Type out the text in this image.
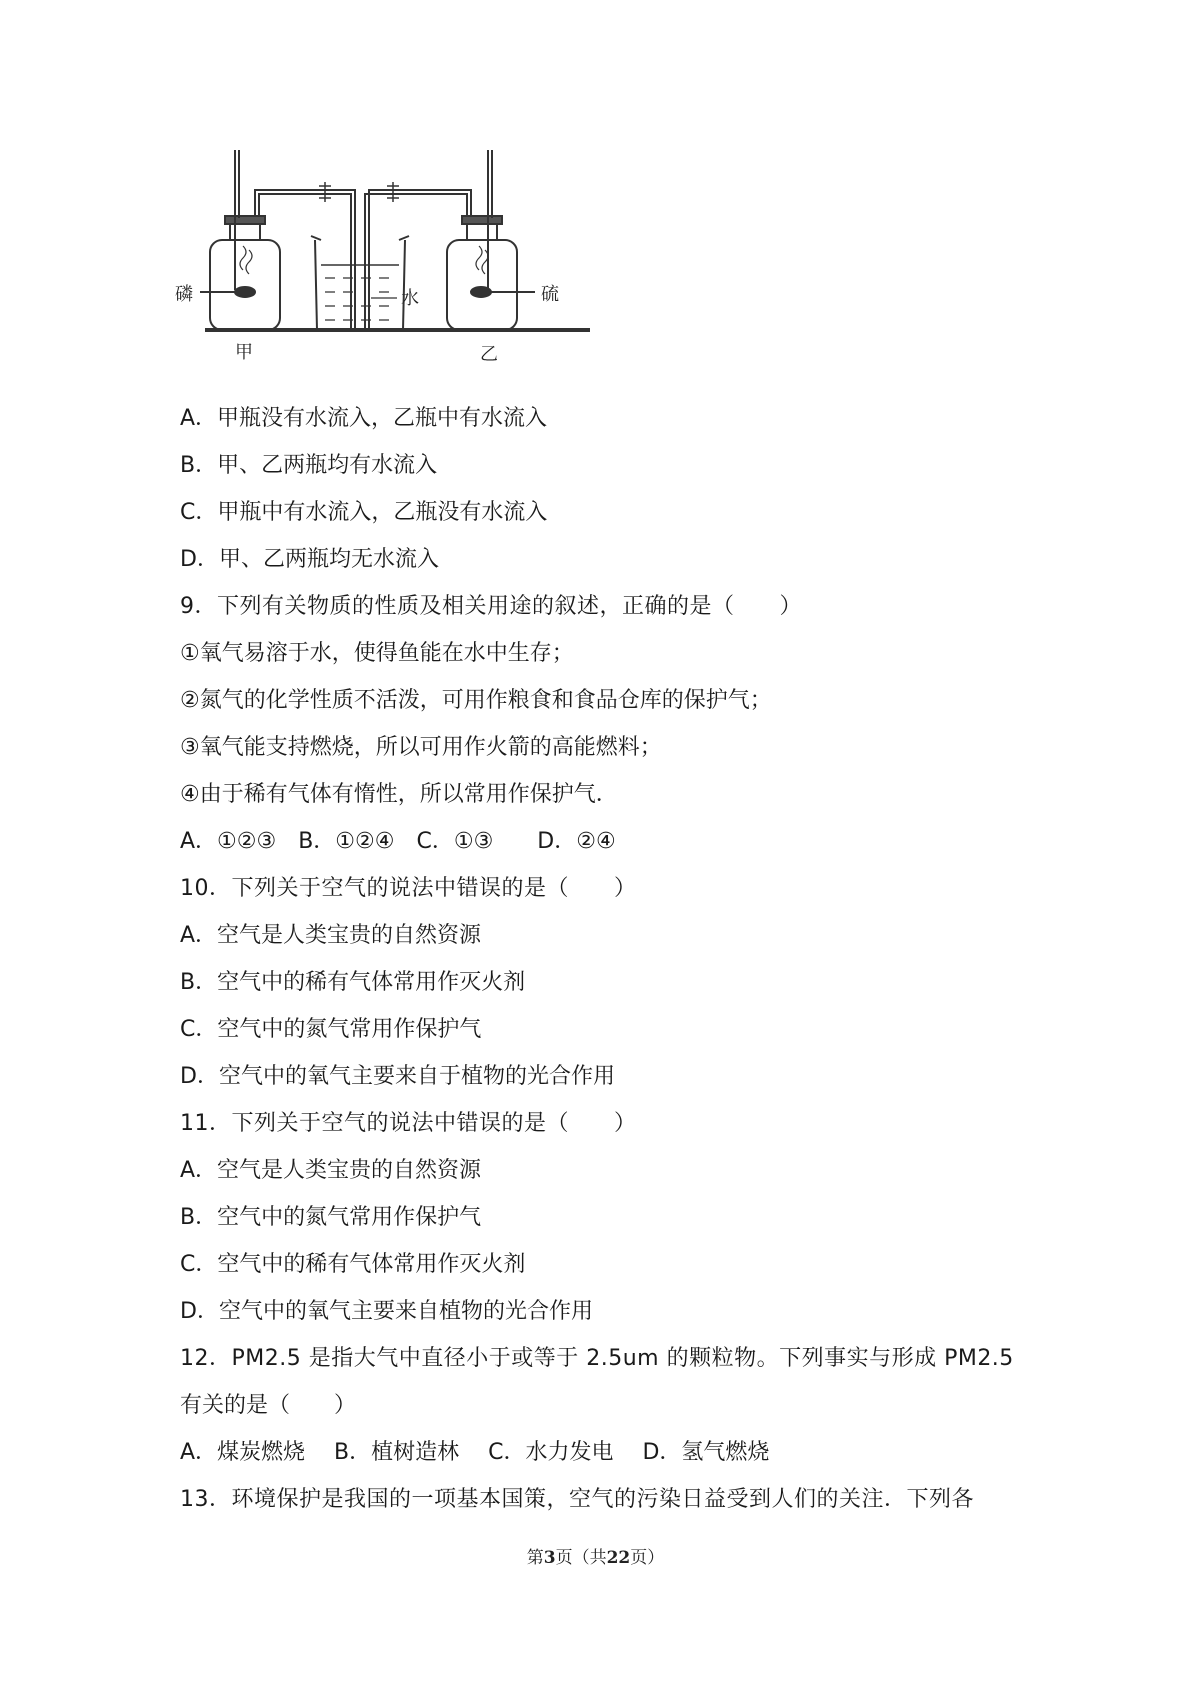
磷	硫
水
甲	乙
A．甲瓶没有水流入，乙瓶中有水流入
B．甲、乙两瓶均有水流入
C．甲瓶中有水流入，乙瓶没有水流入
D．甲、乙两瓶均无水流入
9．下列有关物质的性质及相关用途的叙述，正确的是（　　）
①氧气易溶于水，使得鱼能在水中生存；
②氮气的化学性质不活泼，可用作粮食和食品仓库的保护气；
③氧气能支持燃烧，所以可用作火箭的高能燃料；
④由于稀有气体有惰性，所以常用作保护气．
A．①②③　B．①②④　C．①③　　D．②④
10．下列关于空气的说法中错误的是（　　）
A．空气是人类宝贵的自然资源
B．空气中的稀有气体常用作灭火剂
C．空气中的氮气常用作保护气
D．空气中的氧气主要来自于植物的光合作用
11．下列关于空气的说法中错误的是（　　）
A．空气是人类宝贵的自然资源
B．空气中的氮气常用作保护气
C．空气中的稀有气体常用作灭火剂
D．空气中的氧气主要来自植物的光合作用
12．PM2.5 是指大气中直径小于或等于 2.5um 的颗粒物。下列事实与形成 PM2.5
有关的是（　　）
A．煤炭燃烧　 B．植树造林　 C．水力发电　 D．氢气燃烧
13．环境保护是我国的一项基本国策，空气的污染日益受到人们的关注．下列各
第3页（共22页）
